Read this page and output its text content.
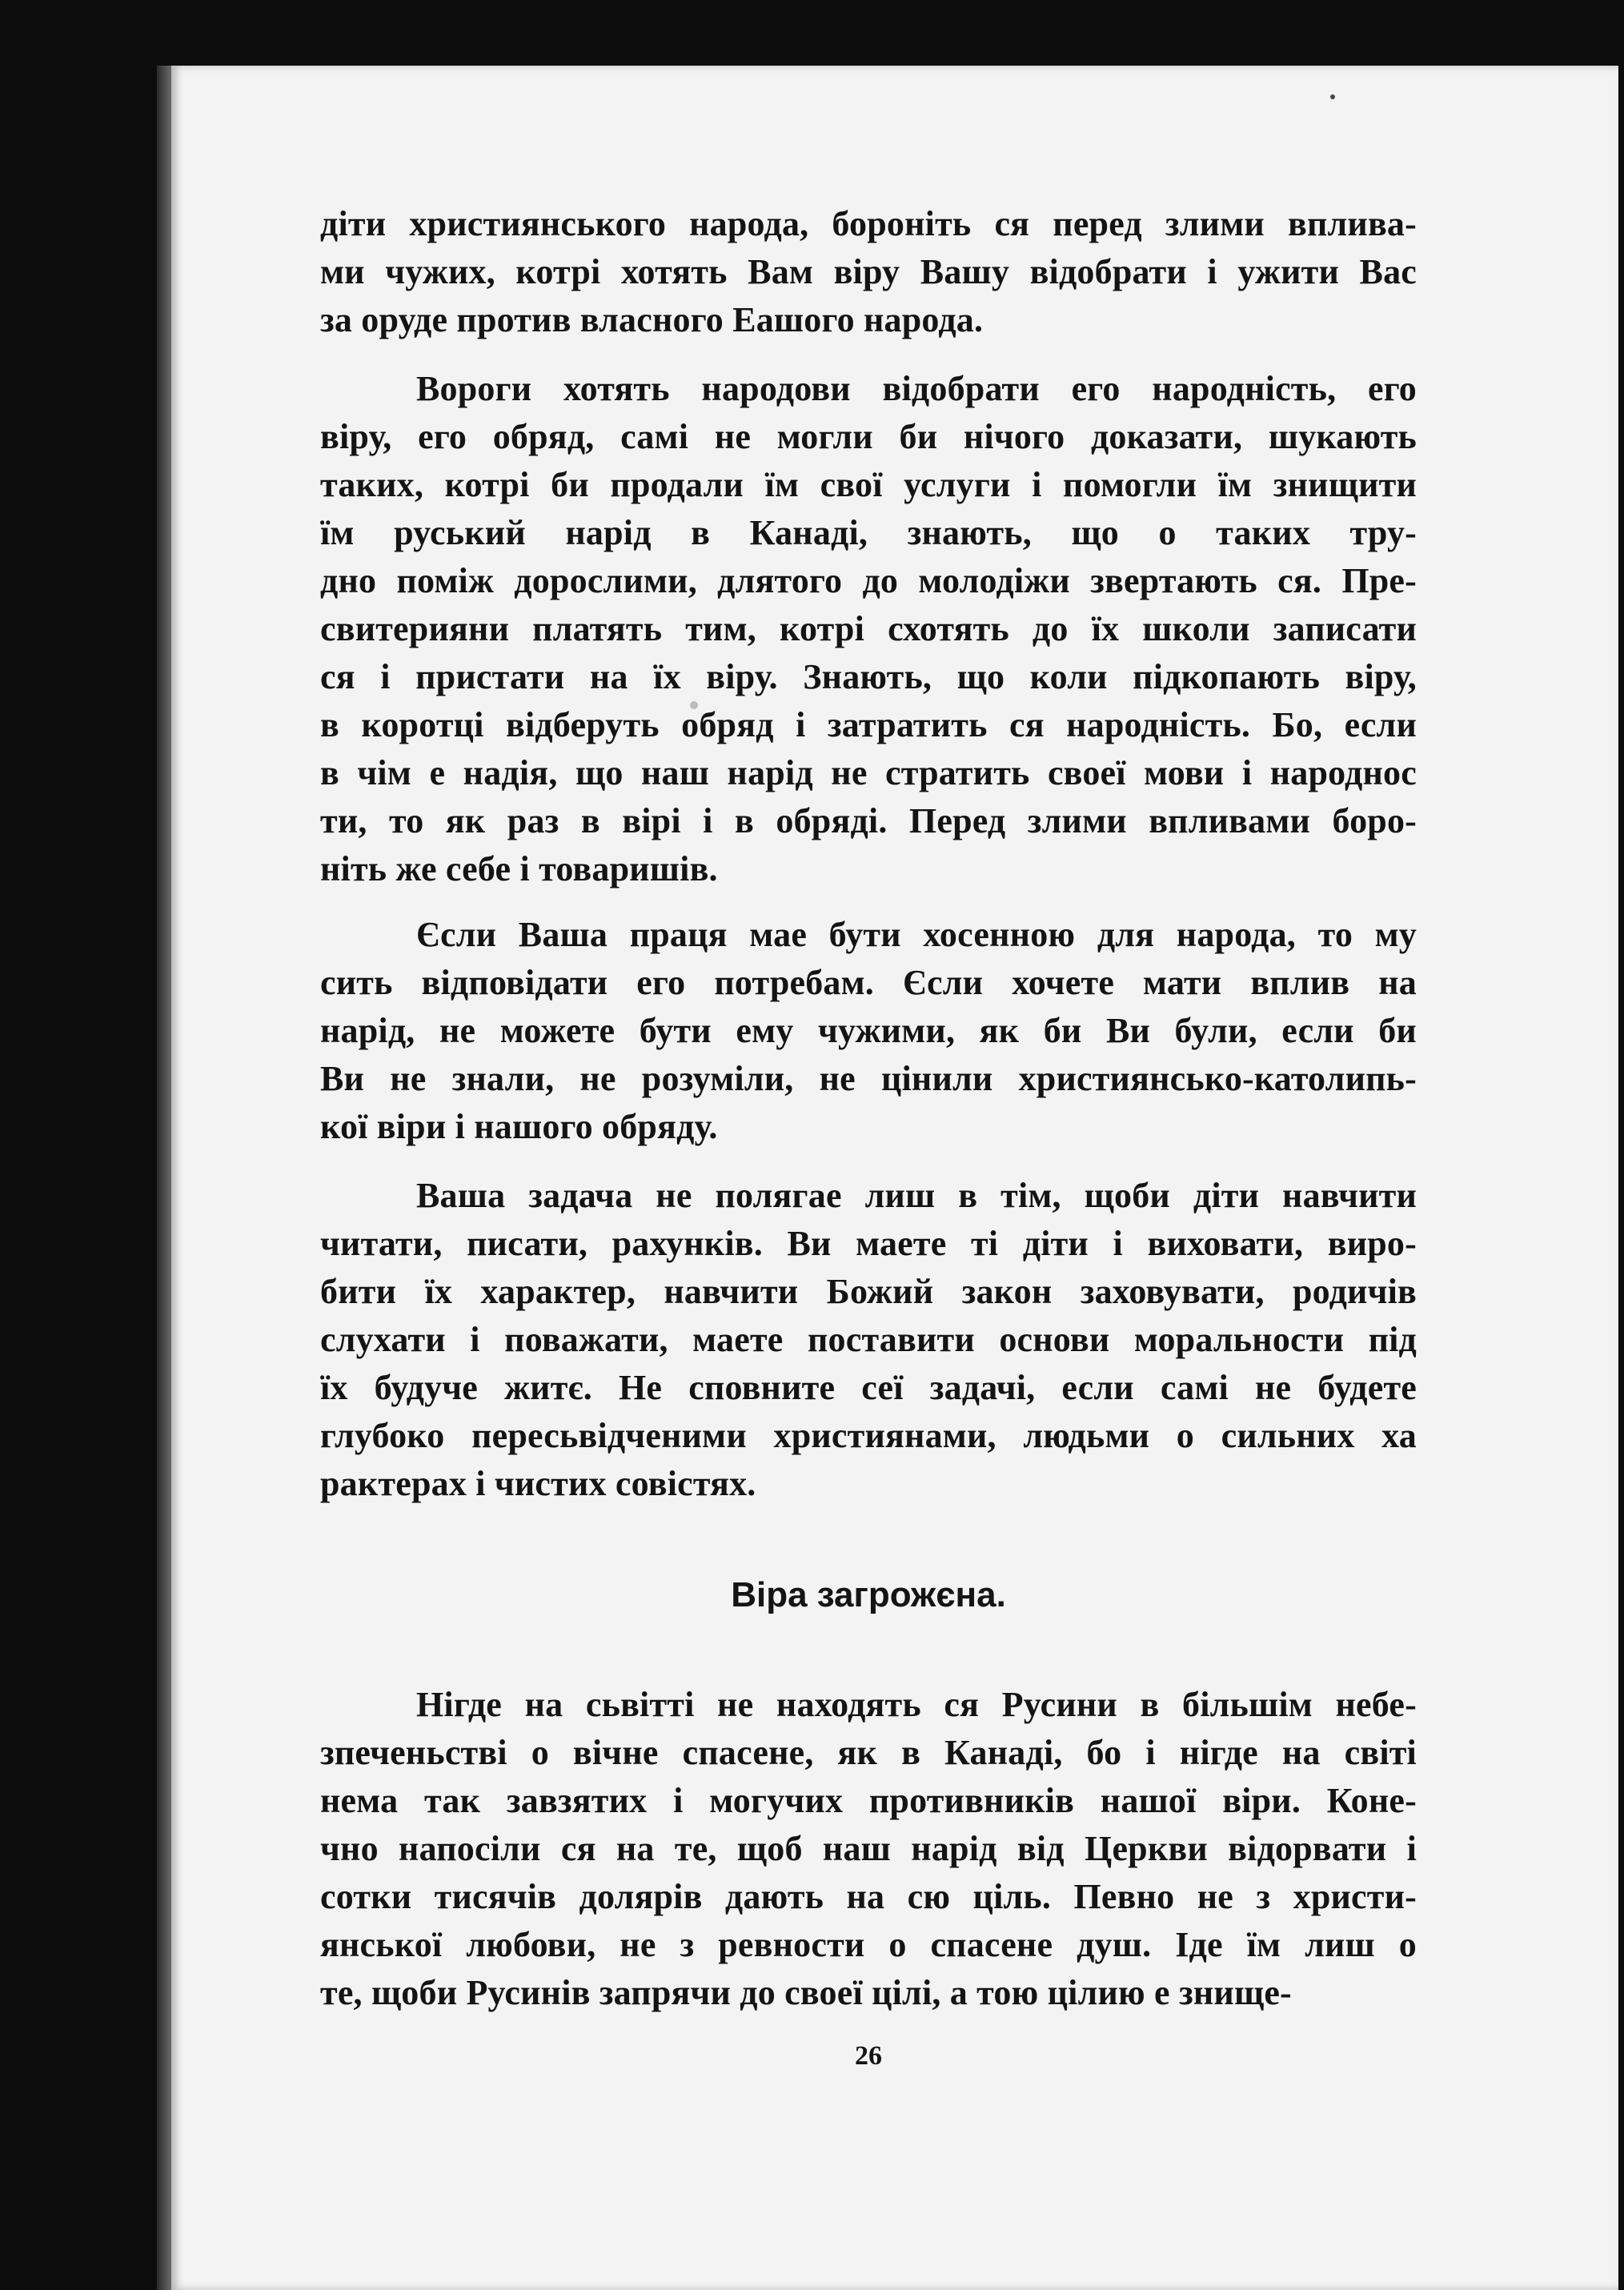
діти християнського народа, бороніть ся перед злими вплива-
ми чужих, котрі хотять Вам віру Вашу відобрати і ужити Вас
за оруде против власного Еашого народа.

Вороги хотять народови відобрати его народність, его
віру, его обряд, самі не могли би нічого доказати, шукають
таких, котрі би продали їм свої услуги і помогли їм знищити
їм руський нарід в Канаді, знають, що о таких тру-
дно поміж дорослими, длятого до молодіжи звертають ся. Пре-
свитерияни платять тим, котрі схотять до їх школи записати
ся і пристати на їх віру. Знають, що коли підкопають віру,
в коротці відберуть обряд і затратить ся народність. Бо, если
в чім е надія, що наш нарід не стратить своеї мови і народнос
ти, то як раз в вірі і в обряді. Перед злими впливами боро-
ніть же себе і товаришів.

Єсли Ваша праця мае бути хосенною для народа, то му
сить відповідати его потребам. Єсли хочете мати вплив на
нарід, не можете бути ему чужими, як би Ви були, если би
Ви не знали, не розуміли, не цінили християнсько-католипь-
кої віри і нашого обряду.

Ваша задача не полягае лиш в тім, щоби діти навчити
читати, писати, рахунків. Ви маете ті діти і виховати, виро-
бити їх характер, навчити Божий закон заховувати, родичів
слухати і поважати, маете поставити основи моральности під
їх будуче житє. Не сповните сеї задачі, если самі не будете
глубоко пересьвідченими християнами, людьми о сильних ха
рактерах і чистих совістях.

Віра загрожєна.

Нігде на сьвітті не находять ся Русини в більшім небе-
зпеченьстві о вічне спасене, як в Канаді, бо і нігде на світі
нема так завзятих і могучих противників нашої віри. Коне-
чно напосіли ся на те, щоб наш нарід від Церкви відорвати і
сотки тисячів долярів дають на сю ціль. Певно не з христи-
янської любови, не з ревности о спасене душ. Іде їм лиш о
те, щоби Русинів запрячи до своеї цілі, а тою цілию е знище-

26
